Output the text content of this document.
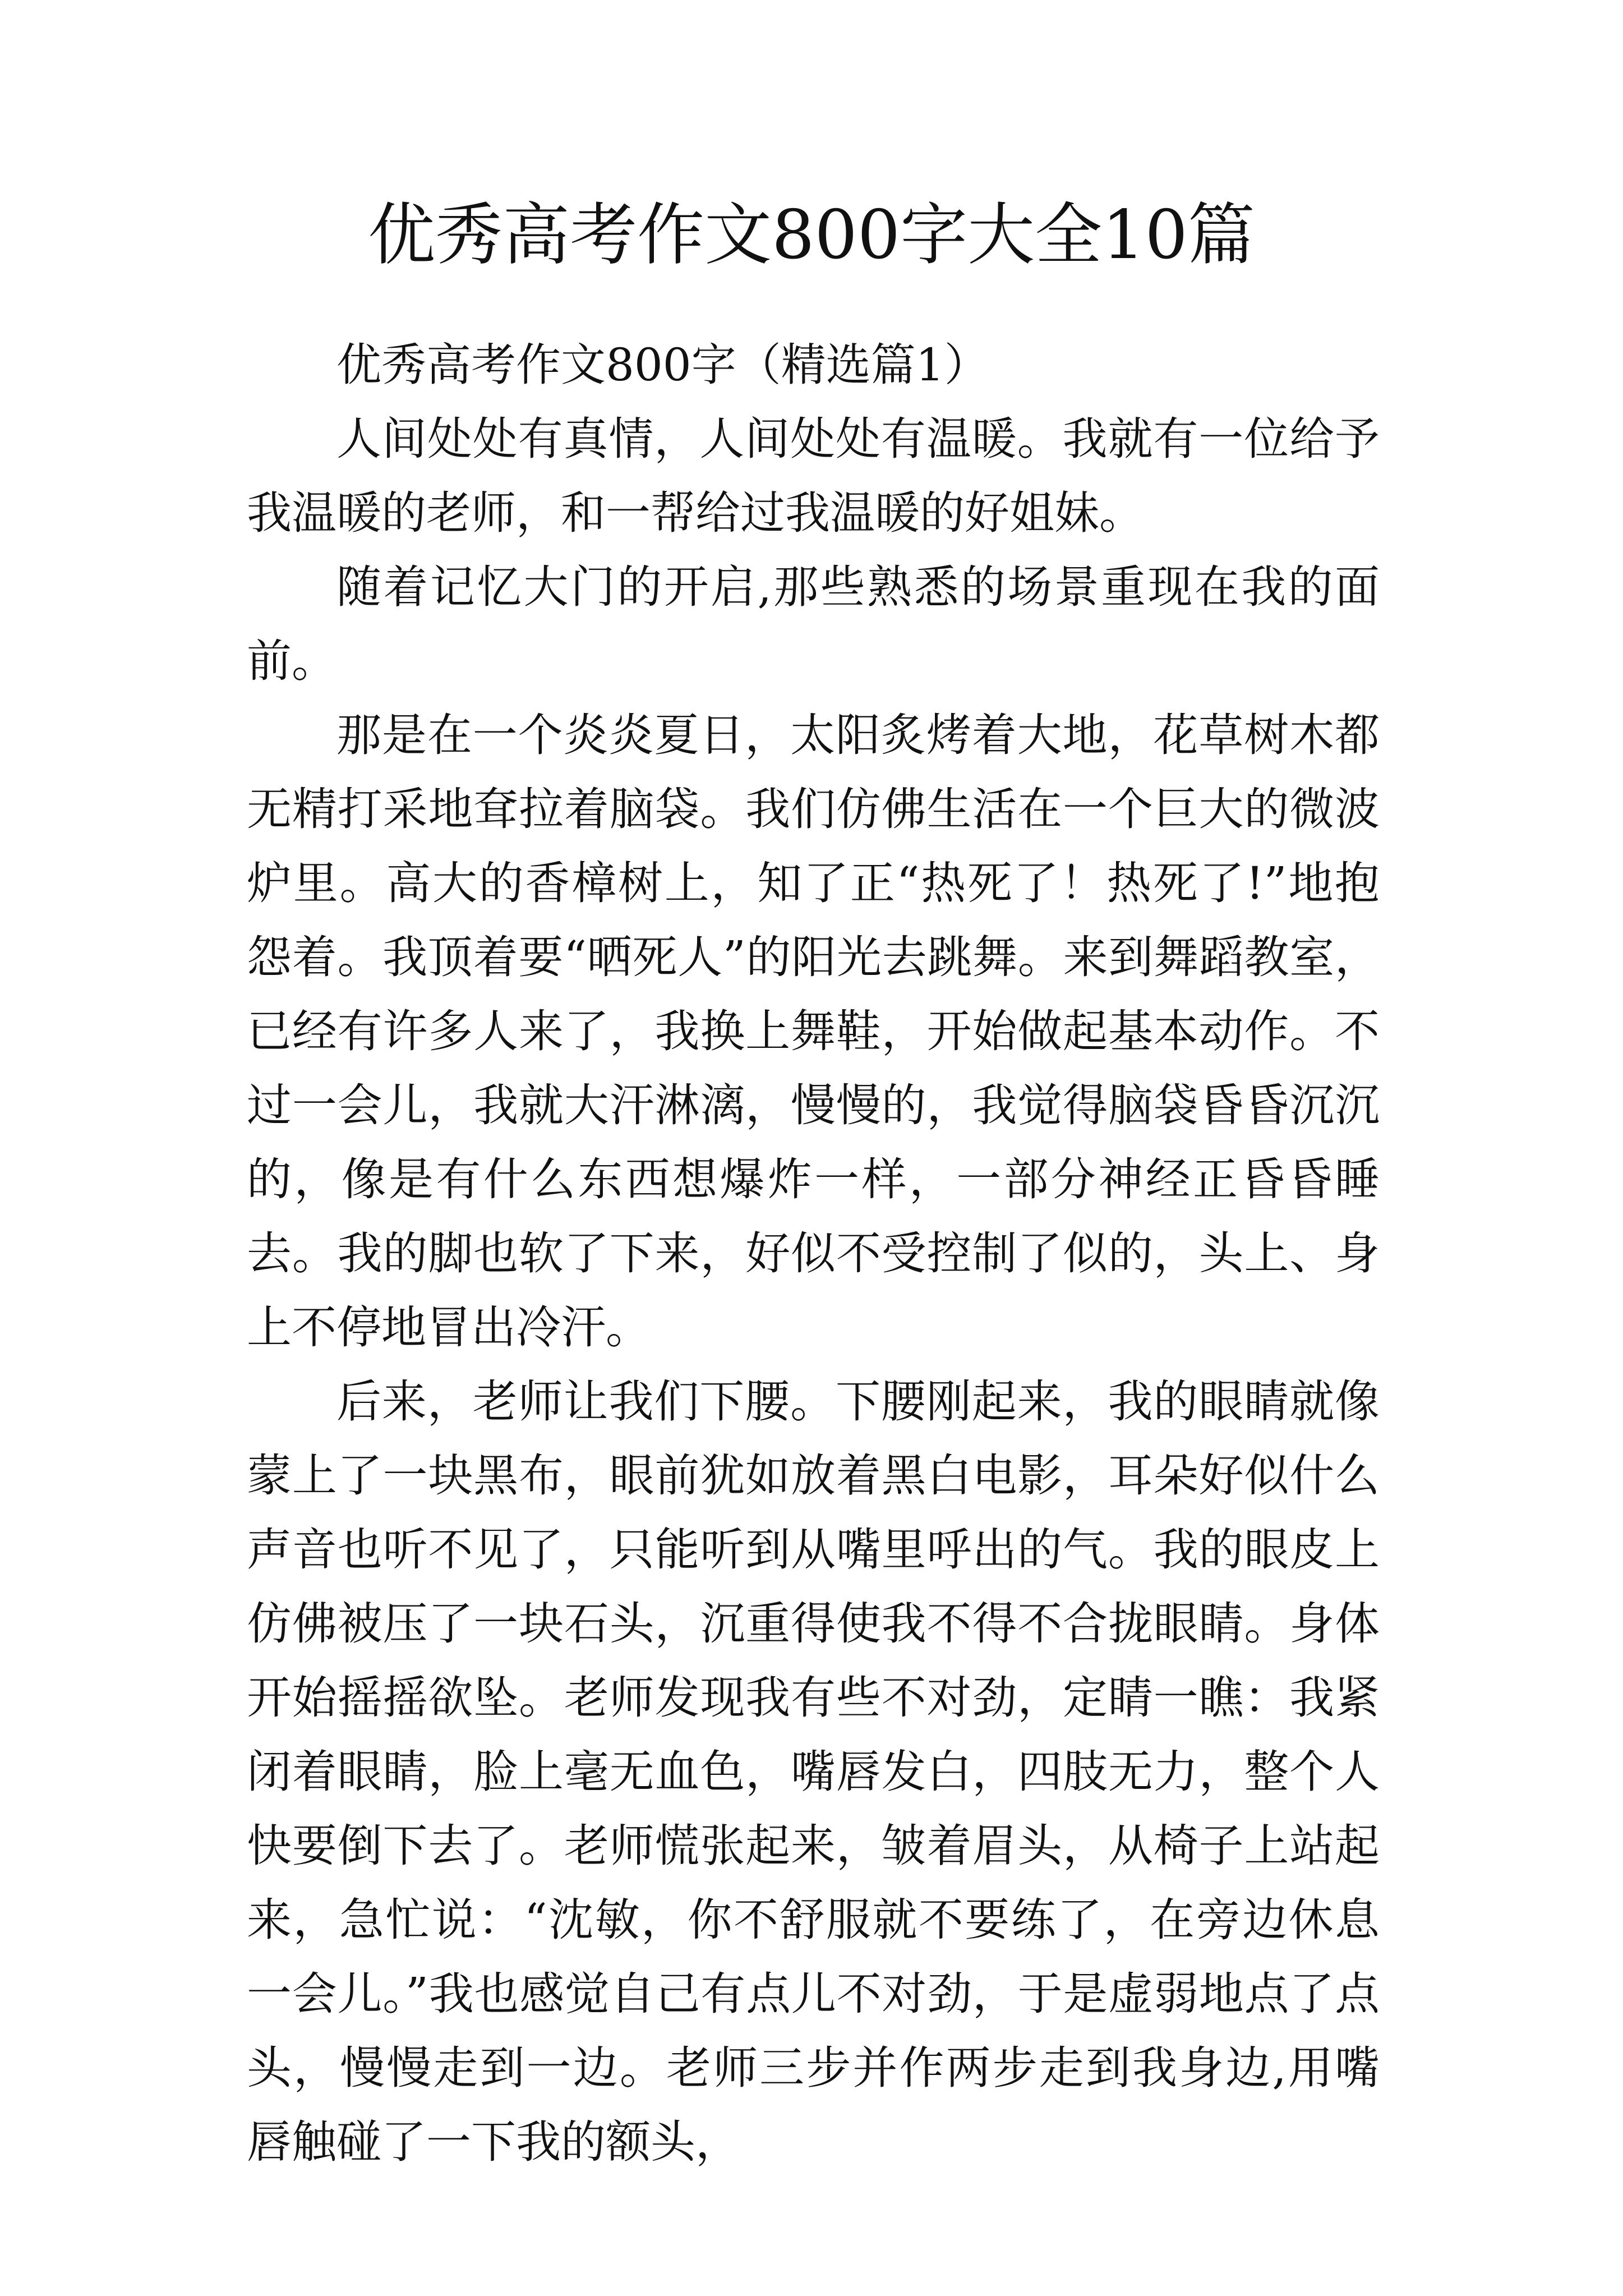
优秀高考作文800字大全10篇

优秀高考作文800字（精选篇1）

人间处处有真情，人间处处有温暖。我就有一位给予我温暖的老师，和一帮给过我温暖的好姐妹。

随着记忆大门的开启,那些熟悉的场景重现在我的面前。

那是在一个炎炎夏日，太阳炙烤着大地，花草树木都无精打采地耷拉着脑袋。我们仿佛生活在一个巨大的微波炉里。高大的香樟树上，知了正“热死了！热死了!”地抱怨着。我顶着要“晒死人”的阳光去跳舞。来到舞蹈教室，已经有许多人来了，我换上舞鞋，开始做起基本动作。不过一会儿，我就大汗淋漓，慢慢的，我觉得脑袋昏昏沉沉的，像是有什么东西想爆炸一样，一部分神经正昏昏睡去。我的脚也软了下来，好似不受控制了似的，头上、身上不停地冒出冷汗。

后来，老师让我们下腰。下腰刚起来，我的眼睛就像蒙上了一块黑布，眼前犹如放着黑白电影，耳朵好似什么声音也听不见了，只能听到从嘴里呼出的气。我的眼皮上仿佛被压了一块石头，沉重得使我不得不合拢眼睛。身体开始摇摇欲坠。老师发现我有些不对劲，定睛一瞧：我紧闭着眼睛，脸上毫无血色，嘴唇发白，四肢无力，整个人快要倒下去了。老师慌张起来，皱着眉头，从椅子上站起来，急忙说：“沈敏，你不舒服就不要练了，在旁边休息一会儿。”我也感觉自己有点儿不对劲，于是虚弱地点了点头，慢慢走到一边。老师三步并作两步走到我身边,用嘴唇触碰了一下我的额头，
